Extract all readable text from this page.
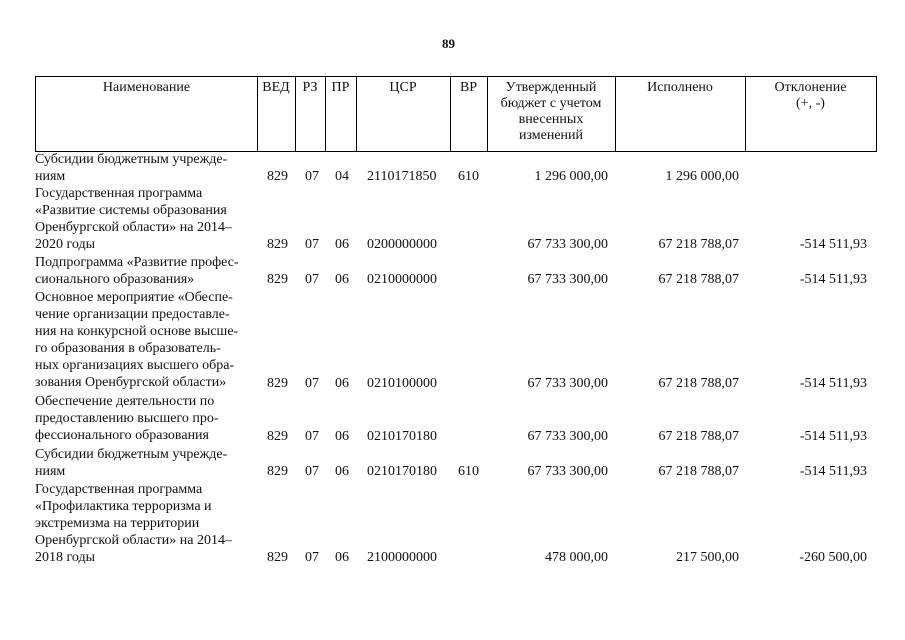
89
Наименование	ВЕД РЗ	ПР	ЦСР	ВР	Утвержденный
бюджет с учетом
внесенных
изменений
Исполнено	Отклонение
(+, -)
Субсидии бюджетным учрежде-
ниям	829 07 04 2110171850 610	1 296 000,00	1 296 000,00
Государственная программа
«Развитие системы образования
Оренбургской области» на 2014–
2020 годы	829 07 06 0200000000	67 733 300,00	67 218 788,07	-514 511,93
Подпрограмма «Развитие профес-
сионального образования»	829 07 06 0210000000	67 733 300,00	67 218 788,07	-514 511,93
Основное мероприятие «Обеспе-
чение организации предоставле-
ния на конкурсной основе высше-
го образования в образователь-
ных организациях высшего обра-
зования Оренбургской области»	829 07 06 0210100000	67 733 300,00	67 218 788,07	-514 511,93
Обеспечение деятельности по
предоставлению высшего про-
фессионального образования	829 07 06 0210170180	67 733 300,00	67 218 788,07	-514 511,93
Субсидии бюджетным учрежде-
ниям	829 07 06 0210170180 610	67 733 300,00	67 218 788,07	-514 511,93
Государственная программа
«Профилактика терроризма и
экстремизма на территории
Оренбургской области» на 2014–
2018 годы	829 07 06 2100000000	478 000,00	217 500,00	-260 500,00
